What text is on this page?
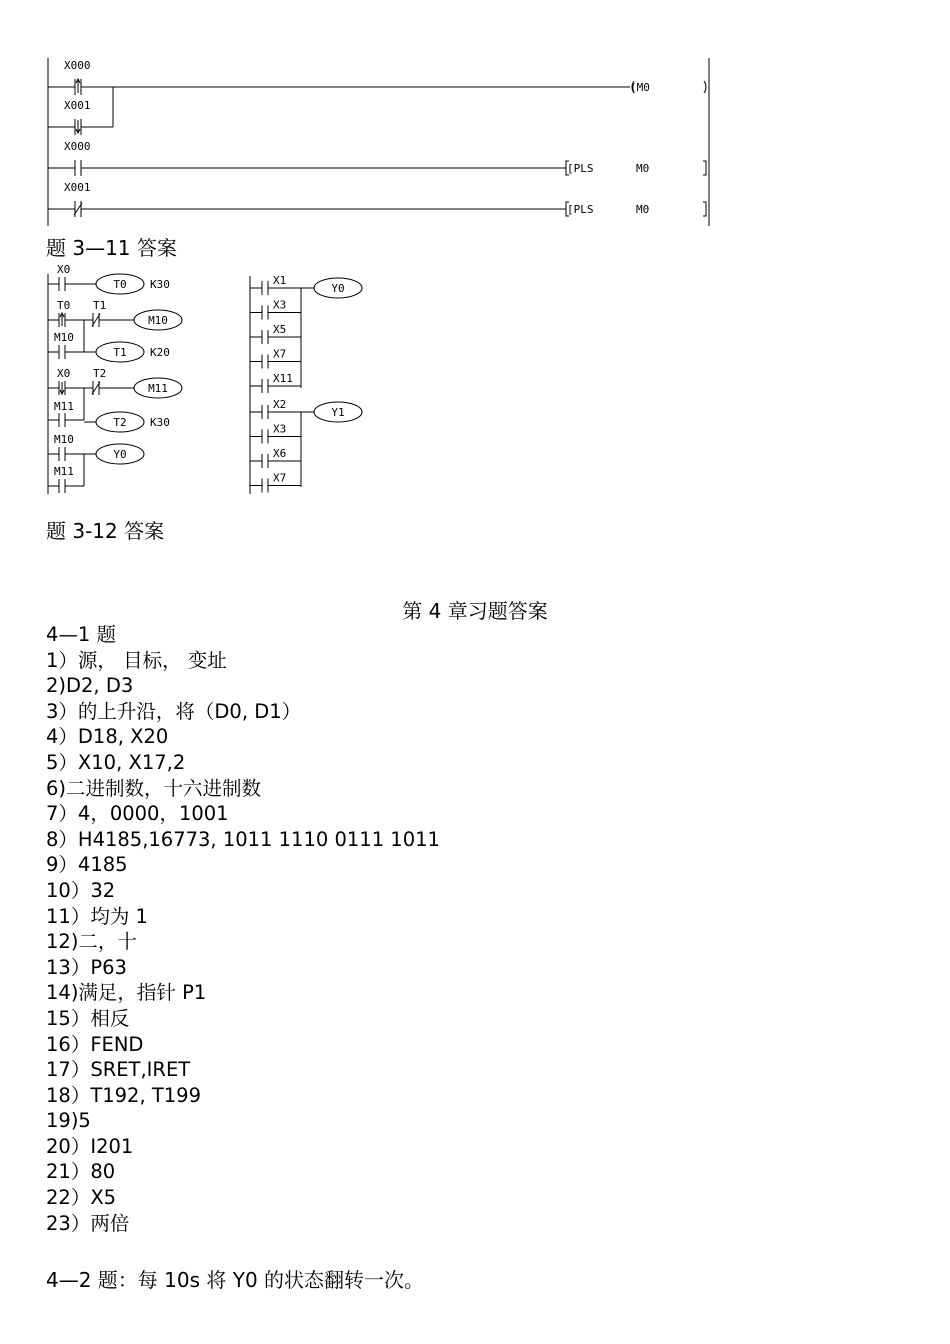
X000
X001
X000
X001
(M0
[PLS	M0
[PLS	M0
X0
T0 K30
T0 T1
M10
M10
T1 K20
X0 T2
M11
M11
T2 K30
M10
Y0
M11
Y0
Y1
X1
X3
X5
X7
X11
X2
X3
X6
X7
题 3—11 答案
题 3-12 答案
第 4 章习题答案
4—1 题
1）源， 目标， 变址
2)D2, D3
3）的上升沿，将（D0, D1）
4）D18, X20
5）X10, X17,2
6)二进制数，十六进制数
7）4，0000，1001
8）H4185,16773, 1011 1110 0111 1011
9）4185
10）32
11）均为 1
12)二，十
13）P63
14)满足，指针 P1
15）相反
16）FEND
17）SRET,IRET
18）T192, T199
19)5
20）I201
21）80
22）X5
23）两倍
4—2 题：每 10s 将 Y0 的状态翻转一次。
